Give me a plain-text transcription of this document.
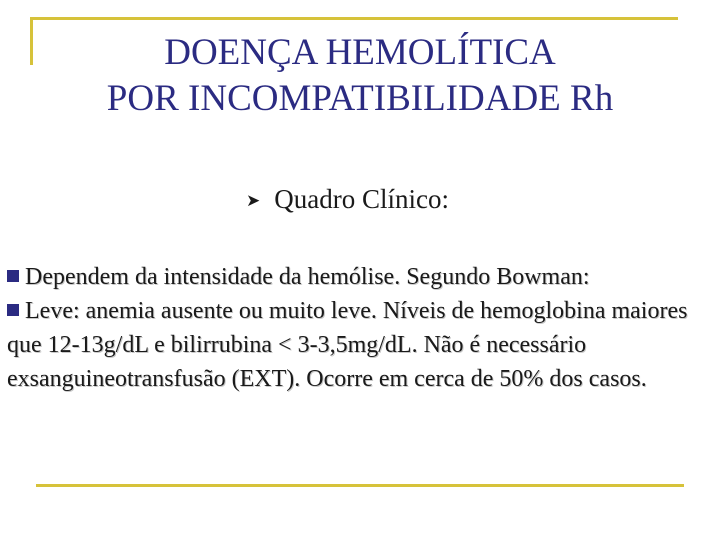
DOENÇA HEMOLÍTICA
POR INCOMPATIBILIDADE Rh
➤ Quadro Clínico:

Dependem da intensidade da hemólise. Segundo Bowman:

Leve: anemia ausente ou muito leve. Níveis de hemoglobina maiores que 12-13g/dL e bilirrubina < 3-3,5mg/dL. Não é necessário exsanguineotransfusão (EXT). Ocorre em cerca de 50% dos casos.
